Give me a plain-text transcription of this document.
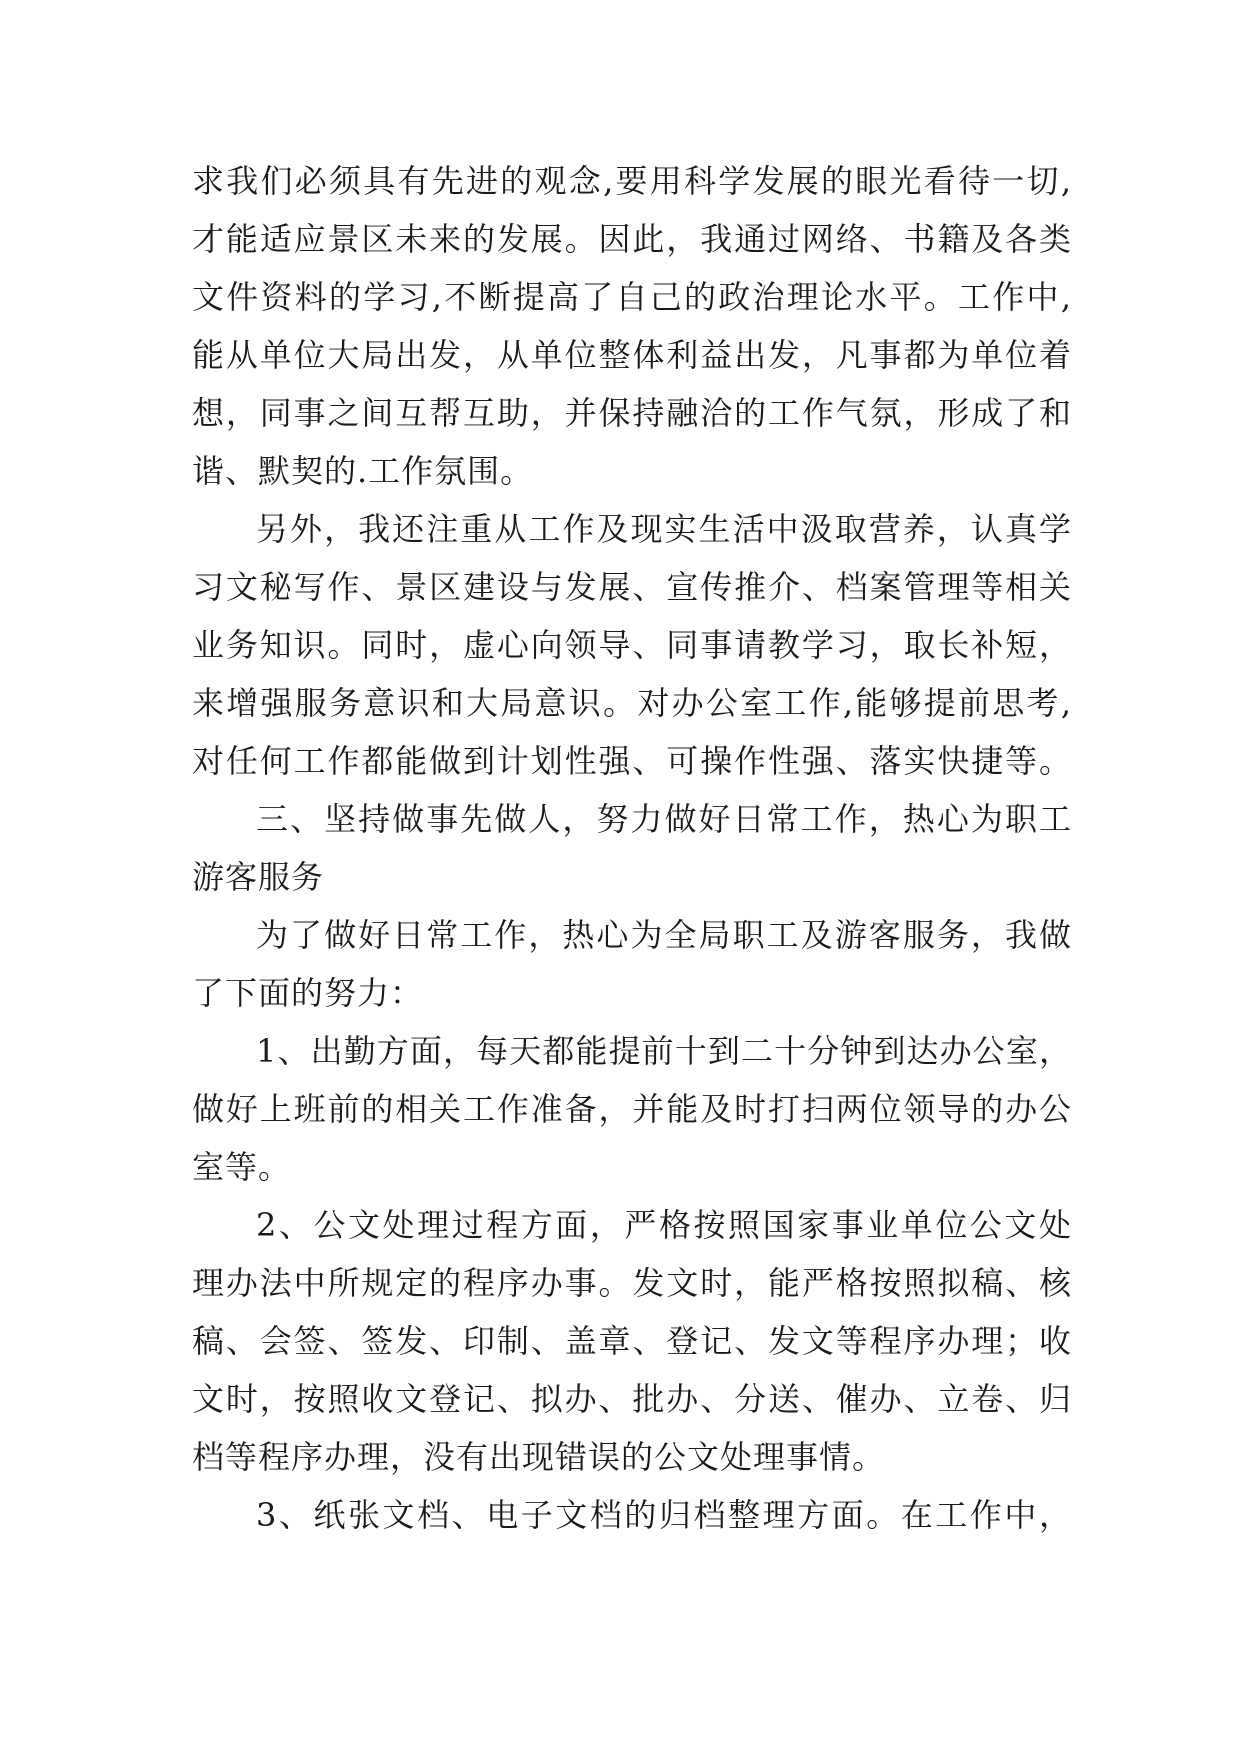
求我们必须具有先进的观念,要用科学发展的眼光看待一切,
才能适应景区未来的发展。因此，我通过网络、书籍及各类
文件资料的学习,不断提高了自己的政治理论水平。工作中,
能从单位大局出发，从单位整体利益出发，凡事都为单位着
想，同事之间互帮互助，并保持融洽的工作气氛，形成了和
谐、默契的.工作氛围。
另外，我还注重从工作及现实生活中汲取营养，认真学
习文秘写作、景区建设与发展、宣传推介、档案管理等相关
业务知识。同时，虚心向领导、同事请教学习，取长补短，
来增强服务意识和大局意识。对办公室工作,能够提前思考,
对任何工作都能做到计划性强、可操作性强、落实快捷等。
三、坚持做事先做人，努力做好日常工作，热心为职工
游客服务
为了做好日常工作，热心为全局职工及游客服务，我做
了下面的努力：
1、出勤方面，每天都能提前十到二十分钟到达办公室，
做好上班前的相关工作准备，并能及时打扫两位领导的办公
室等。
2、公文处理过程方面，严格按照国家事业单位公文处
理办法中所规定的程序办事。发文时，能严格按照拟稿、核
稿、会签、签发、印制、盖章、登记、发文等程序办理；收
文时，按照收文登记、拟办、批办、分送、催办、立卷、归
档等程序办理，没有出现错误的公文处理事情。
3、纸张文档、电子文档的归档整理方面。在工作中，
